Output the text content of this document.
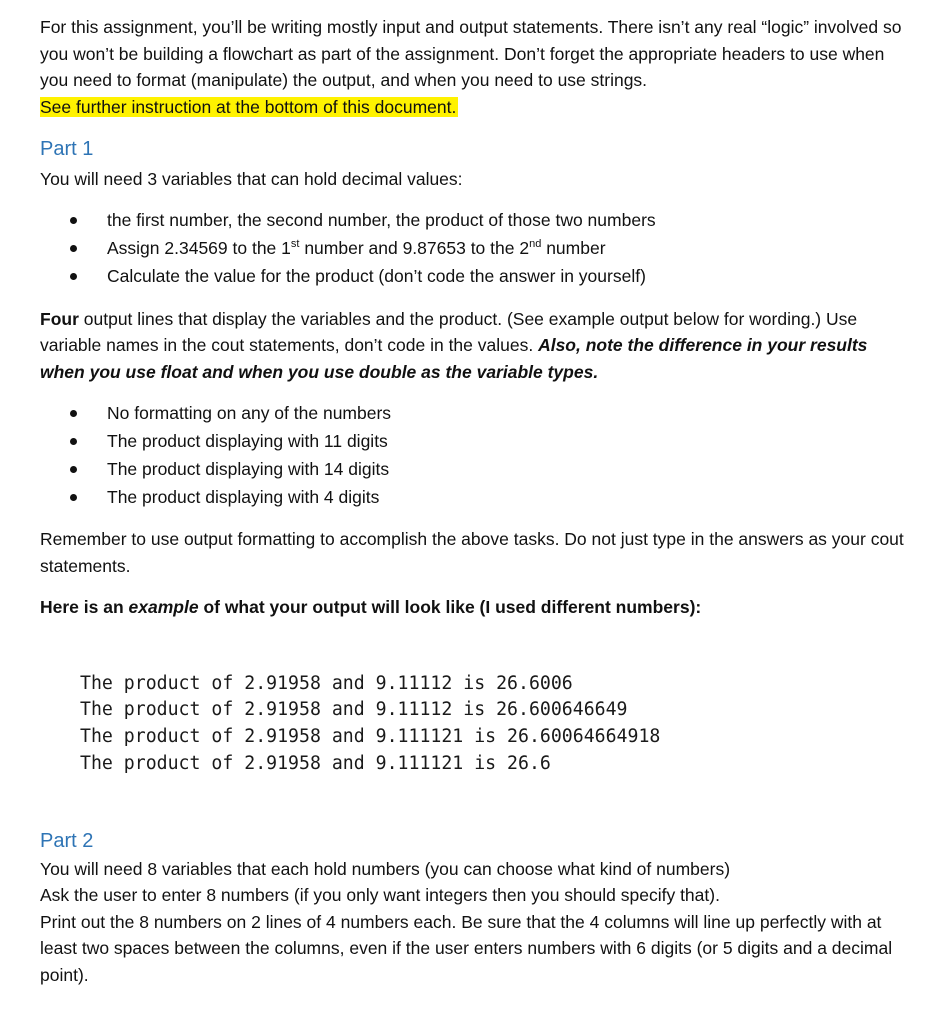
For this assignment, you’ll be writing mostly input and output statements. There isn’t any real “logic” involved so you won’t be building a flowchart as part of the assignment. Don’t forget the appropriate headers to use when you need to format (manipulate) the output, and when you need to use strings.
See further instruction at the bottom of this document.

Part 1

You will need 3 variables that can hold decimal values:

the first number, the second number, the product of those two numbers
Assign 2.34569 to the 1st number and 9.87653 to the 2nd number
Calculate the value for the product (don’t code the answer in yourself)

Four output lines that display the variables and the product. (See example output below for wording.) Use variable names in the cout statements, don’t code in the values. Also, note the difference in your results when you use float and when you use double as the variable types.

No formatting on any of the numbers
The product displaying with 11 digits
The product displaying with 14 digits
The product displaying with 4 digits

Remember to use output formatting to accomplish the above tasks. Do not just type in the answers as your cout statements.

Here is an example of what your output will look like (I used different numbers):

The product of 2.91958 and 9.11112 is 26.6006

The product of 2.91958 and 9.11112 is 26.600646649

The product of 2.91958 and 9.111121 is 26.60064664918

The product of 2.91958 and 9.111121 is 26.6

Part 2

You will need 8 variables that each hold numbers (you can choose what kind of numbers)
Ask the user to enter 8 numbers (if you only want integers then you should specify that).
Print out the 8 numbers on 2 lines of 4 numbers each. Be sure that the 4 columns will line up perfectly with at least two spaces between the columns, even if the user enters numbers with 6 digits (or 5 digits and a decimal point).
